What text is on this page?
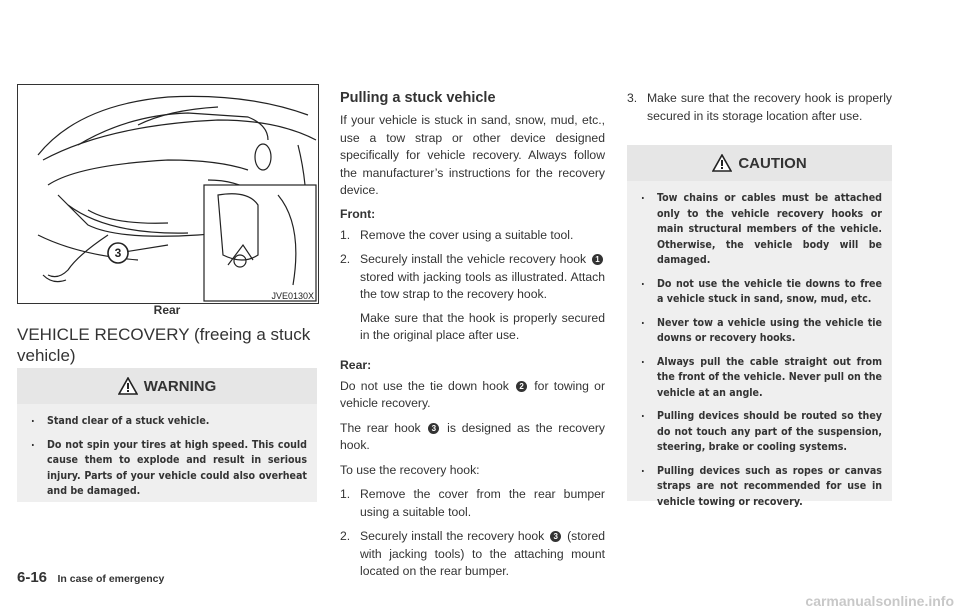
3
JVE0130X
Rear
VEHICLE RECOVERY (freeing a stuck vehicle)
WARNING
. Stand clear of a stuck vehicle.
. Do not spin your tires at high speed. This could cause them to explode and result in serious injury. Parts of your vehicle could also overheat and be damaged.
Pulling a stuck vehicle

If your vehicle is stuck in sand, snow, mud, etc., use a tow strap or other device designed specifically for vehicle recovery. Always follow the manufacturer’s instructions for the recovery device.

Front:

1. Remove the cover using a suitable tool.
2. Securely install the vehicle recovery hook 1 stored with jacking tools as illustrated. Attach the tow strap to the recovery hook.

Make sure that the hook is properly secured in the original place after use.

Rear:

Do not use the tie down hook 2 for towing or vehicle recovery.

The rear hook 3 is designed as the recovery hook.

To use the recovery hook:

1. Remove the cover from the rear bumper using a suitable tool.
2. Securely install the recovery hook 3 (stored with jacking tools) to the attaching mount located on the rear bumper.
3. Make sure that the recovery hook is properly secured in its storage location after use.
CAUTION
. Tow chains or cables must be attached only to the vehicle recovery hooks or main structural members of the vehicle. Otherwise, the vehicle body will be damaged.
. Do not use the vehicle tie downs to free a vehicle stuck in sand, snow, mud, etc.
. Never tow a vehicle using the vehicle tie downs or recovery hooks.
. Always pull the cable straight out from the front of the vehicle. Never pull on the vehicle at an angle.
. Pulling devices should be routed so they do not touch any part of the suspension, steering, brake or cooling systems.
. Pulling devices such as ropes or canvas straps are not recommended for use in vehicle towing or recovery.
6-16 In case of emergency
carmanualsonline.info
